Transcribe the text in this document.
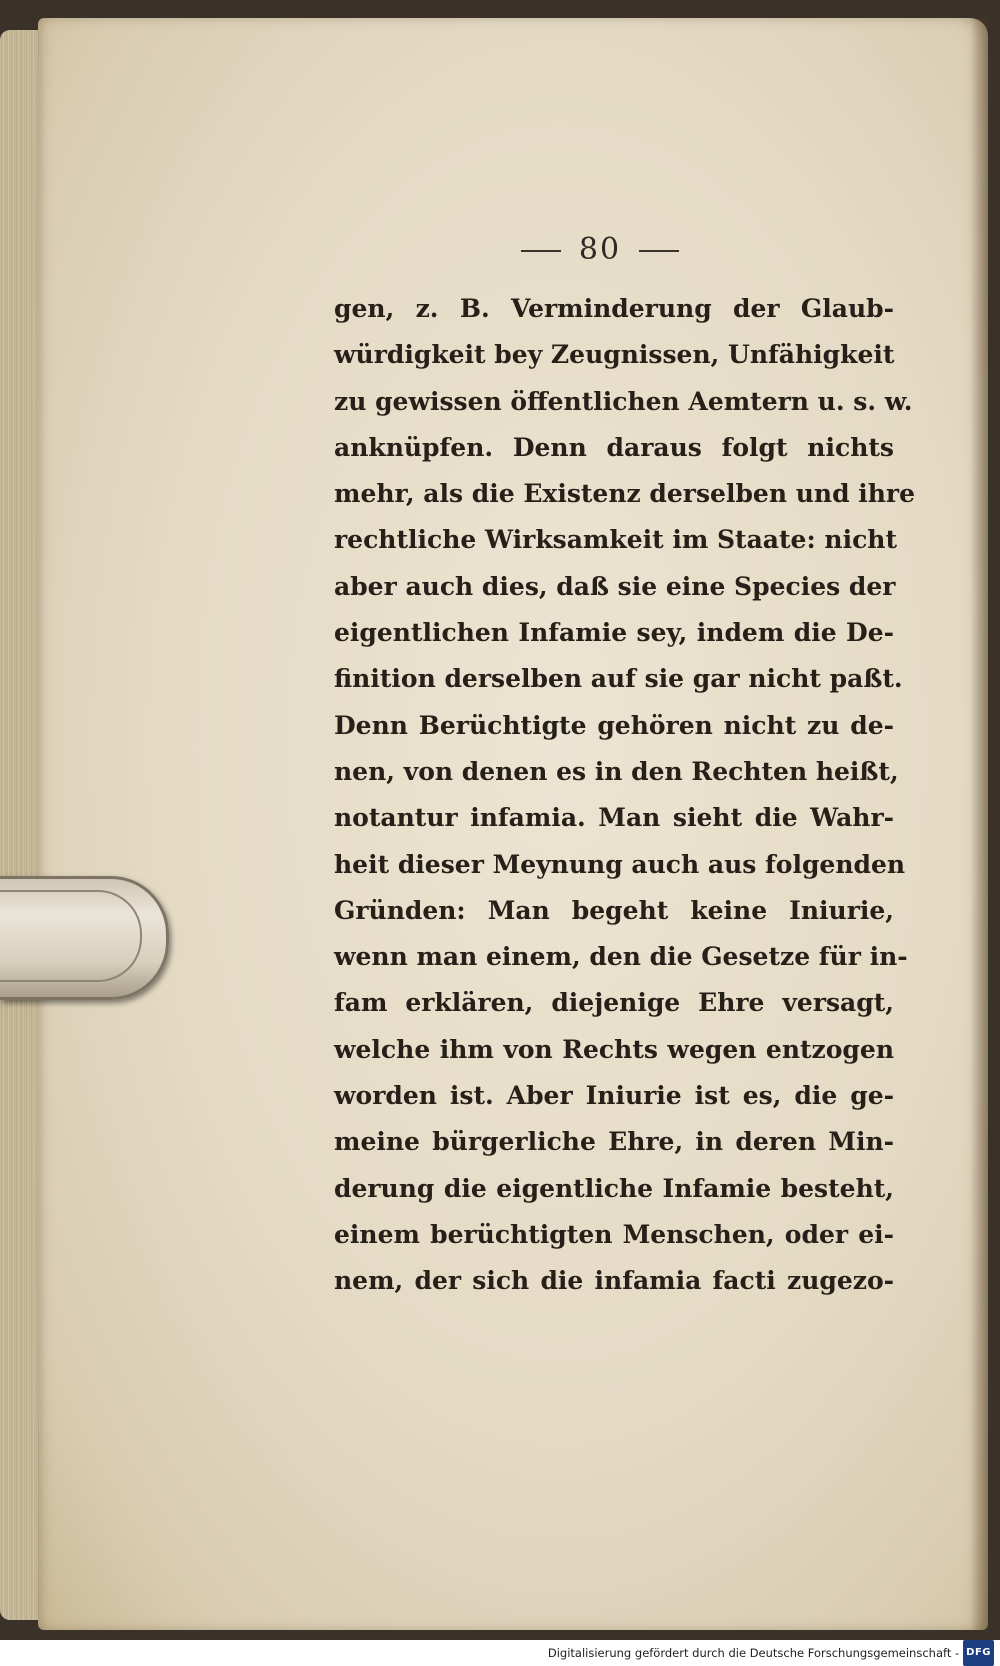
80
gen, z. B. Verminderung der Glaub-
würdigkeit bey Zeugnissen, Unfähigkeit
zu gewissen öffentlichen Aemtern u. s. w.
anknüpfen. Denn daraus folgt nichts
mehr, als die Existenz derselben und ihre
rechtliche Wirksamkeit im Staate: nicht
aber auch dies, daß sie eine Species der
eigentlichen Infamie sey, indem die De-
finition derselben auf sie gar nicht paßt.
Denn Berüchtigte gehören nicht zu de-
nen, von denen es in den Rechten heißt,
notantur infamia. Man sieht die Wahr-
heit dieser Meynung auch aus folgenden
Gründen: Man begeht keine Iniurie,
wenn man einem, den die Gesetze für in-
fam erklären, diejenige Ehre versagt,
welche ihm von Rechts wegen entzogen
worden ist. Aber Iniurie ist es, die ge-
meine bürgerliche Ehre, in deren Min-
derung die eigentliche Infamie besteht,
einem berüchtigten Menschen, oder ei-
nem, der sich die infamia facti zugezo-
Digitalisierung gefördert durch die Deutsche Forschungsgemeinschaft - DFG
